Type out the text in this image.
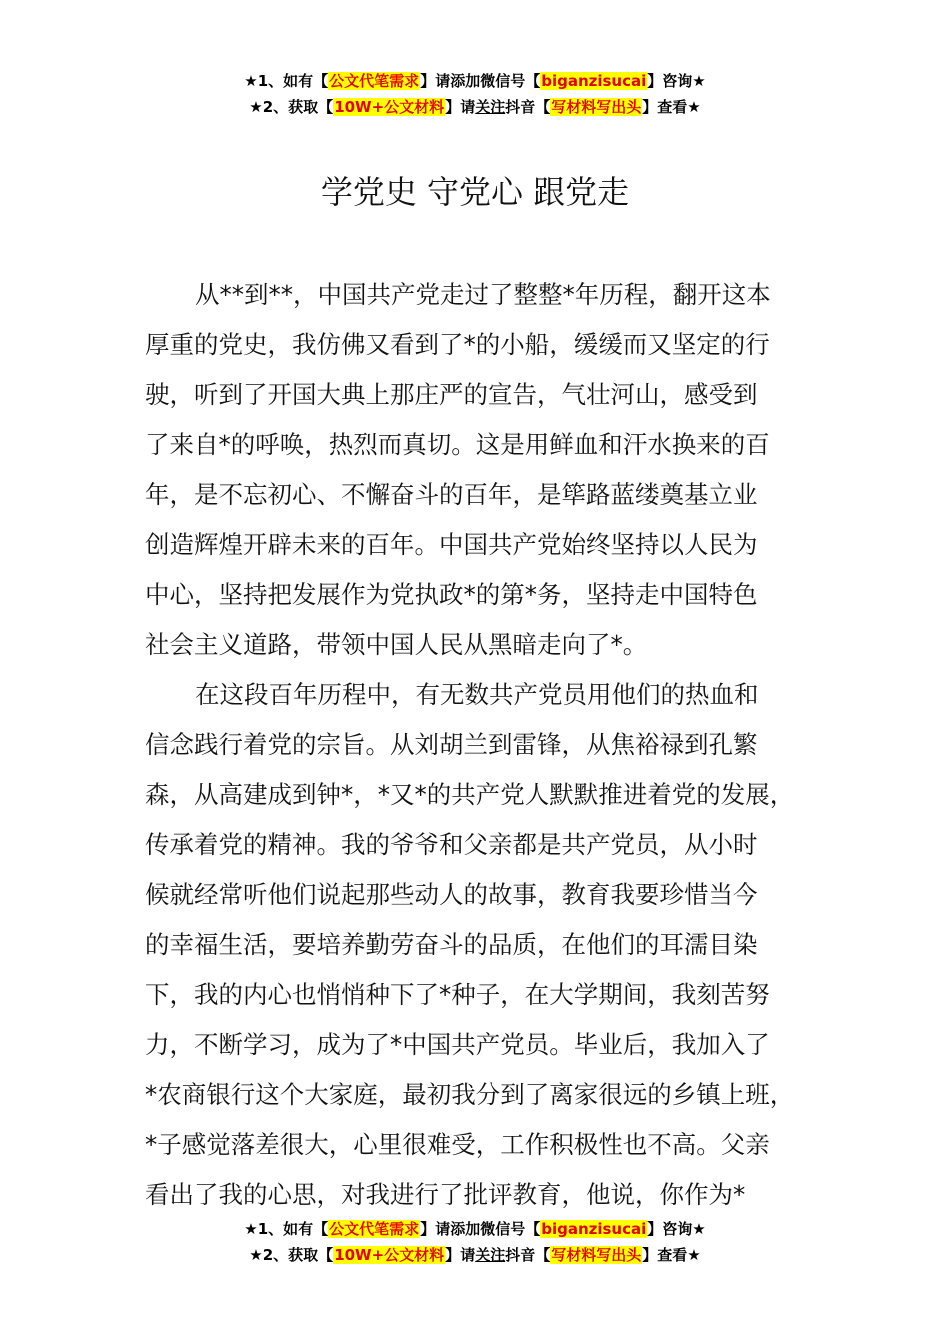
★1、如有【公文代笔需求】请添加微信号【biganzisucai】咨询★
★2、获取【10W+公文材料】请关注抖音【写材料写出头】查看★
学党史 守党心 跟党走
从**到**，中国共产党走过了整整*年历程，翻开这本
厚重的党史，我仿佛又看到了*的小船，缓缓而又坚定的行
驶，听到了开国大典上那庄严的宣告，气壮河山，感受到
了来自*的呼唤，热烈而真切。这是用鲜血和汗水换来的百
年，是不忘初心、不懈奋斗的百年，是筚路蓝缕奠基立业
创造辉煌开辟未来的百年。中国共产党始终坚持以人民为
中心，坚持把发展作为党执政*的第*务，坚持走中国特色
社会主义道路，带领中国人民从黑暗走向了*。
在这段百年历程中，有无数共产党员用他们的热血和
信念践行着党的宗旨。从刘胡兰到雷锋，从焦裕禄到孔繁
森，从高建成到钟*，*又*的共产党人默默推进着党的发展，
传承着党的精神。我的爷爷和父亲都是共产党员，从小时
候就经常听他们说起那些动人的故事，教育我要珍惜当今
的幸福生活，要培养勤劳奋斗的品质，在他们的耳濡目染
下，我的内心也悄悄种下了*种子，在大学期间，我刻苦努
力，不断学习，成为了*中国共产党员。毕业后，我加入了
*农商银行这个大家庭，最初我分到了离家很远的乡镇上班，
*子感觉落差很大，心里很难受，工作积极性也不高。父亲
看出了我的心思，对我进行了批评教育，他说，你作为*
★1、如有【公文代笔需求】请添加微信号【biganzisucai】咨询★
★2、获取【10W+公文材料】请关注抖音【写材料写出头】查看★
